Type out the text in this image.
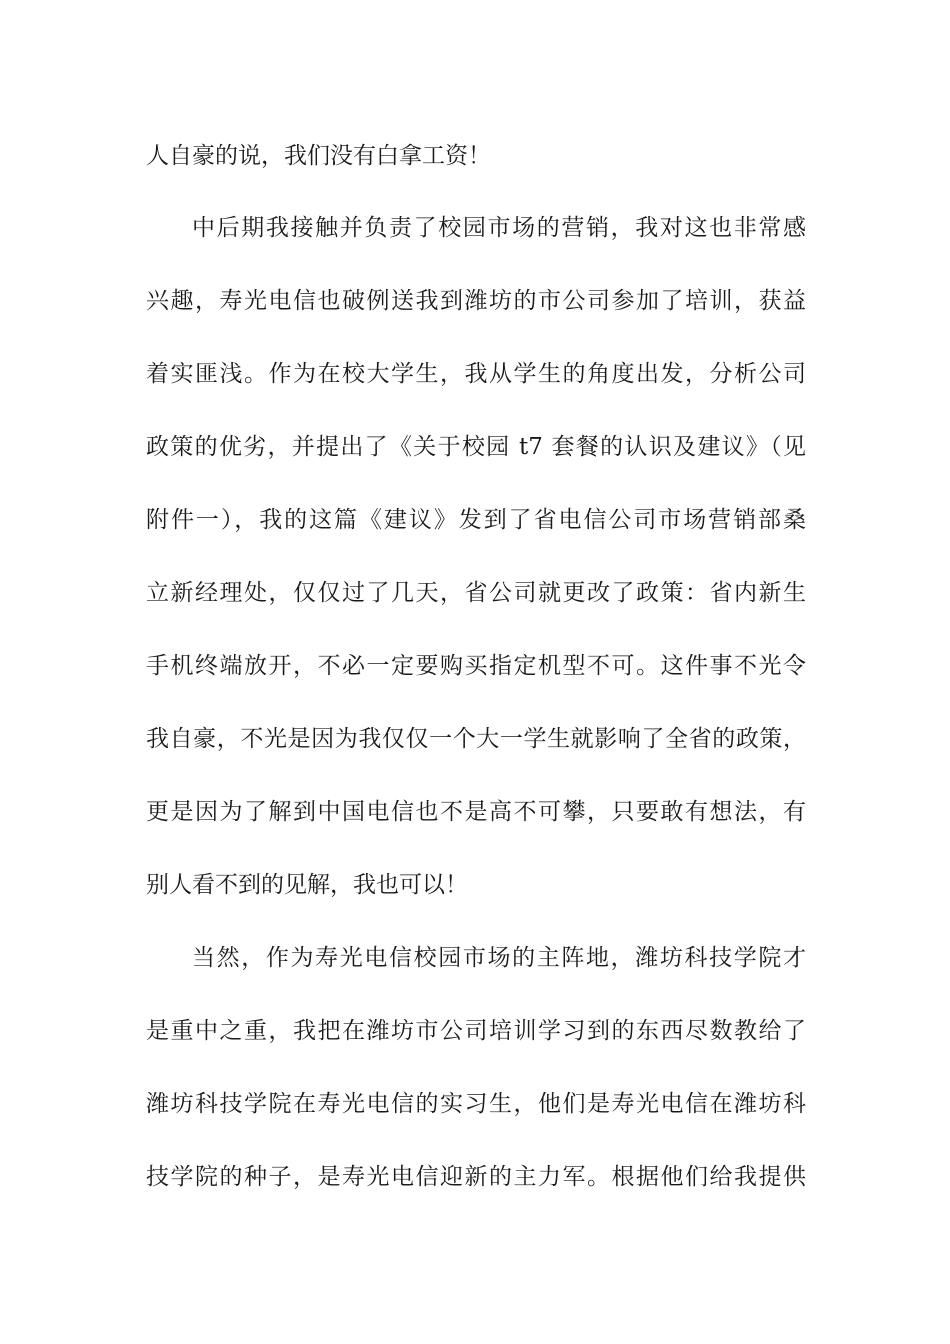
人自豪的说，我们没有白拿工资！
中后期我接触并负责了校园市场的营销，我对这也非常感
兴趣，寿光电信也破例送我到潍坊的市公司参加了培训，获益
着实匪浅。作为在校大学生，我从学生的角度出发，分析公司
政策的优劣，并提出了《关于校园 t7 套餐的认识及建议》（见
附件一），我的这篇《建议》发到了省电信公司市场营销部桑
立新经理处，仅仅过了几天，省公司就更改了政策：省内新生
手机终端放开，不必一定要购买指定机型不可。这件事不光令
我自豪，不光是因为我仅仅一个大一学生就影响了全省的政策，
更是因为了解到中国电信也不是高不可攀，只要敢有想法，有
别人看不到的见解，我也可以！
当然，作为寿光电信校园市场的主阵地，潍坊科技学院才
是重中之重，我把在潍坊市公司培训学习到的东西尽数教给了
潍坊科技学院在寿光电信的实习生，他们是寿光电信在潍坊科
技学院的种子，是寿光电信迎新的主力军。根据他们给我提供
